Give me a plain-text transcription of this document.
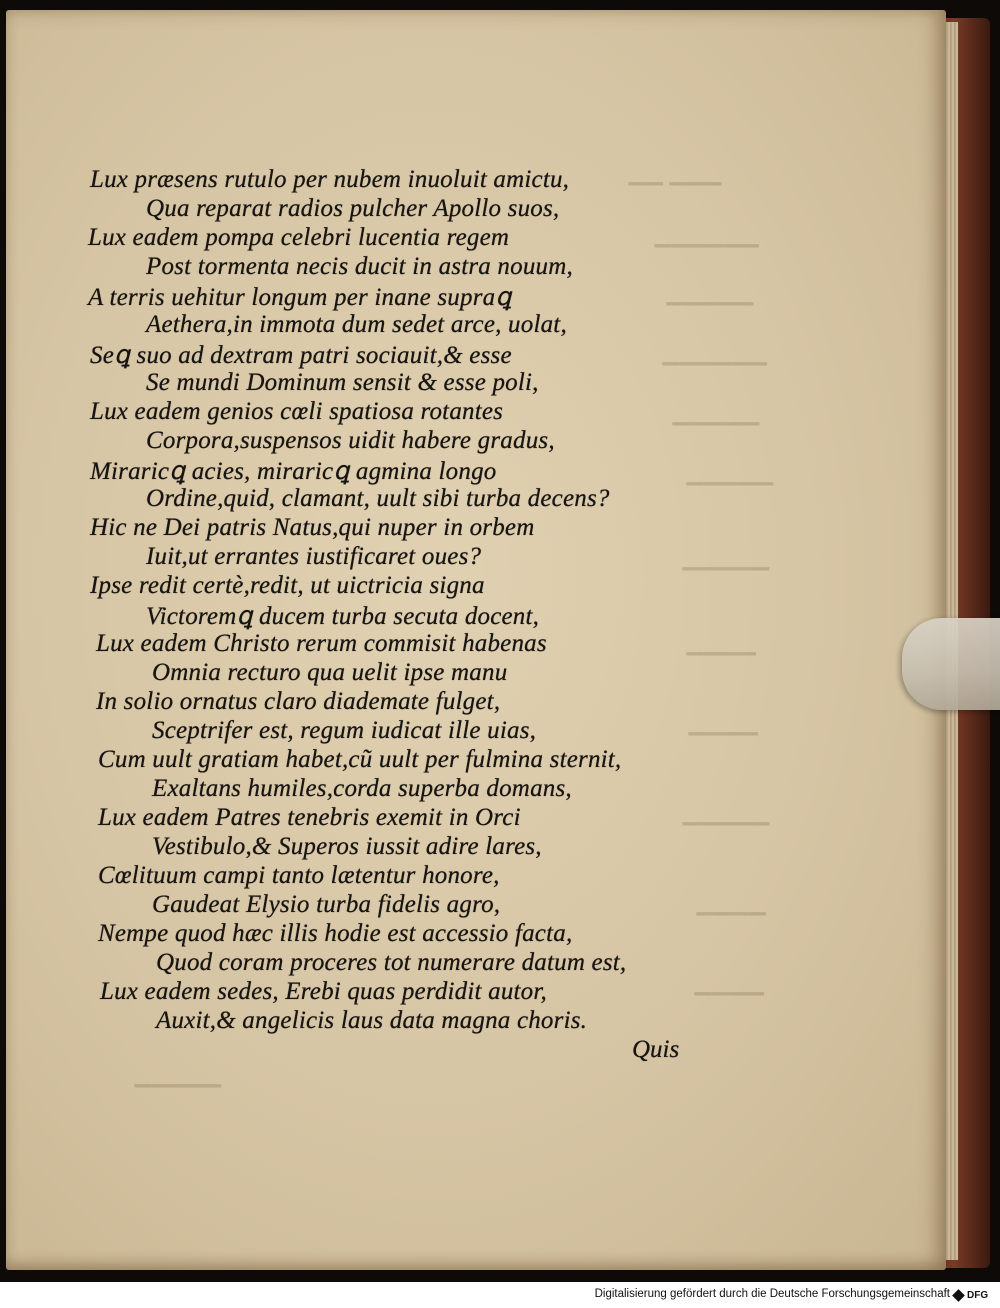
▁▁▁ ▁▁
▁▁▁▁▁▁
▁▁▁▁▁
▁▁▁▁▁▁
▁▁▁▁▁
▁▁▁▁▁
▁▁▁▁▁
▁▁▁▁
▁▁▁▁
▁▁▁▁▁
▁▁▁▁
▁▁▁▁
▁▁▁▁▁
Lux præsens rutulo per nubem inuoluit amictu,
Qua reparat radios pulcher Apollo suos,
Lux eadem pompa celebri lucentia regem
Post tormenta necis ducit in astra nouum,
A terris uehitur longum per inane supraꝗ
Aethera,in immota dum sedet arce, uolat,
Seꝗ suo ad dextram patri sociauit,& esse
Se mundi Dominum sensit & esse poli,
Lux eadem genios cœli spatiosa rotantes
Corpora,suspensos uidit habere gradus,
Miraricꝗ acies, miraricꝗ agmina longo
Ordine,quid, clamant, uult sibi turba decens?
Hic ne Dei patris Natus,qui nuper in orbem
Iuit,ut errantes iustificaret oues?
Ipse redit certè,redit, ut uictricia signa
Victoremꝗ ducem turba secuta docent,
Lux eadem Christo rerum commisit habenas
Omnia recturo qua uelit ipse manu
In solio ornatus claro diademate fulget,
Sceptrifer est, regum iudicat ille uias,
Cum uult gratiam habet,cũ uult per fulmina sternit,
Exaltans humiles,corda superba domans,
Lux eadem Patres tenebris exemit in Orci
Vestibulo,& Superos iussit adire lares,
Cœlituum campi tanto lætentur honore,
Gaudeat Elysio turba fidelis agro,
Nempe quod hæc illis hodie est accessio facta,
Quod coram proceres tot numerare datum est,
Lux eadem sedes, Erebi quas perdidit autor,
Auxit,& angelicis laus data magna choris.
Quis
Digitalisierung gefördert durch die Deutsche Forschungsgemeinschaft DFG
